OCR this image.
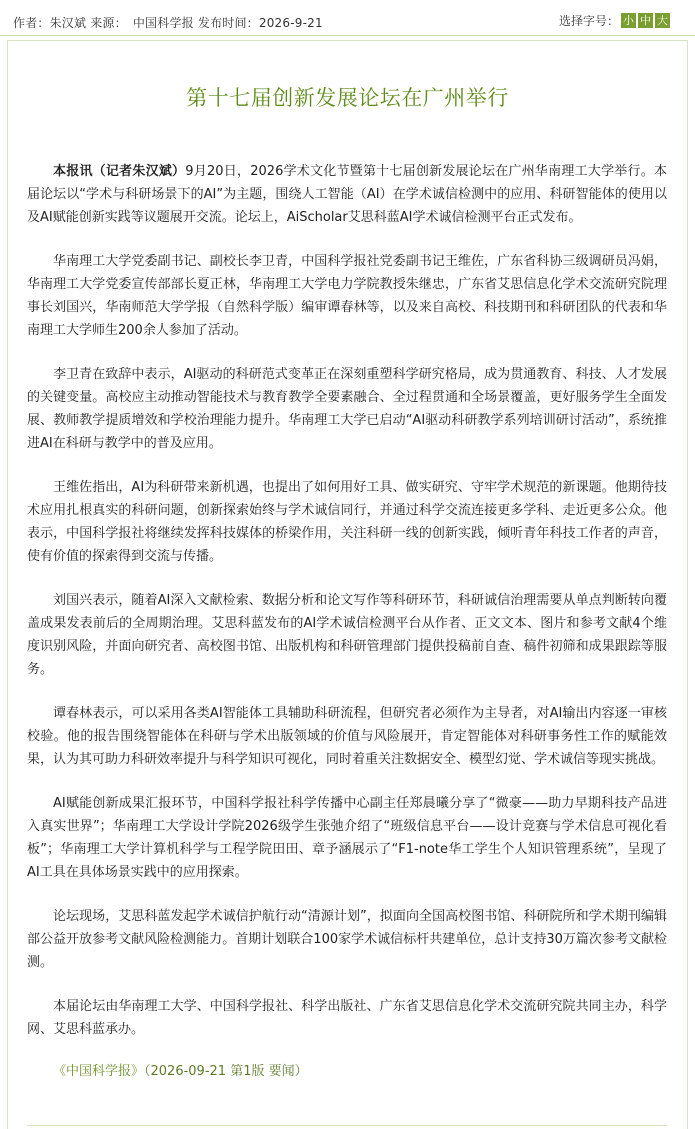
作者：朱汉斌 来源： 中国科学报 发布时间：2026-9-21	选择字号： 小 中 大
第十七届创新发展论坛在广州举行

本报讯（记者朱汉斌）9月20日，2026学术文化节暨第十七届创新发展论坛在广州华南理工大学举行。本届论坛以“学术与科研场景下的AI”为主题，围绕人工智能（AI）在学术诚信检测中的应用、科研智能体的使用以及AI赋能创新实践等议题展开交流。论坛上，AiScholar艾思科蓝AI学术诚信检测平台正式发布。

华南理工大学党委副书记、副校长李卫青，中国科学报社党委副书记王维佐，广东省科协三级调研员冯娟，华南理工大学党委宣传部部长夏正林，华南理工大学电力学院教授朱继忠，广东省艾思信息化学术交流研究院理事长刘国兴，华南师范大学学报（自然科学版）编审谭春林等，以及来自高校、科技期刊和科研团队的代表和华南理工大学师生200余人参加了活动。

李卫青在致辞中表示，AI驱动的科研范式变革正在深刻重塑科学研究格局，成为贯通教育、科技、人才发展的关键变量。高校应主动推动智能技术与教育教学全要素融合、全过程贯通和全场景覆盖，更好服务学生全面发展、教师教学提质增效和学校治理能力提升。华南理工大学已启动“AI驱动科研教学系列培训研讨活动”，系统推进AI在科研与教学中的普及应用。

王维佐指出，AI为科研带来新机遇，也提出了如何用好工具、做实研究、守牢学术规范的新课题。他期待技术应用扎根真实的科研问题，创新探索始终与学术诚信同行，并通过科学交流连接更多学科、走近更多公众。他表示，中国科学报社将继续发挥科技媒体的桥梁作用，关注科研一线的创新实践，倾听青年科技工作者的声音，使有价值的探索得到交流与传播。

刘国兴表示，随着AI深入文献检索、数据分析和论文写作等科研环节，科研诚信治理需要从单点判断转向覆盖成果发表前后的全周期治理。艾思科蓝发布的AI学术诚信检测平台从作者、正文文本、图片和参考文献4个维度识别风险，并面向研究者、高校图书馆、出版机构和科研管理部门提供投稿前自查、稿件初筛和成果跟踪等服务。

谭春林表示，可以采用各类AI智能体工具辅助科研流程，但研究者必须作为主导者，对AI输出内容逐一审核校验。他的报告围绕智能体在科研与学术出版领域的价值与风险展开，肯定智能体对科研事务性工作的赋能效果，认为其可助力科研效率提升与科学知识可视化，同时着重关注数据安全、模型幻觉、学术诚信等现实挑战。

AI赋能创新成果汇报环节，中国科学报社科学传播中心副主任郑晨曦分享了“微豪——助力早期科技产品进入真实世界”；华南理工大学设计学院2026级学生张弛介绍了“班级信息平台——设计竞赛与学术信息可视化看板”；华南理工大学计算机科学与工程学院田田、章予涵展示了“F1-note华工学生个人知识管理系统”，呈现了AI工具在具体场景实践中的应用探索。

论坛现场，艾思科蓝发起学术诚信护航行动“清源计划”，拟面向全国高校图书馆、科研院所和学术期刊编辑部公益开放参考文献风险检测能力。首期计划联合100家学术诚信标杆共建单位，总计支持30万篇次参考文献检测。

本届论坛由华南理工大学、中国科学报社、科学出版社、广东省艾思信息化学术交流研究院共同主办，科学网、艾思科蓝承办。

《中国科学报》（2026-09-21 第1版 要闻）
